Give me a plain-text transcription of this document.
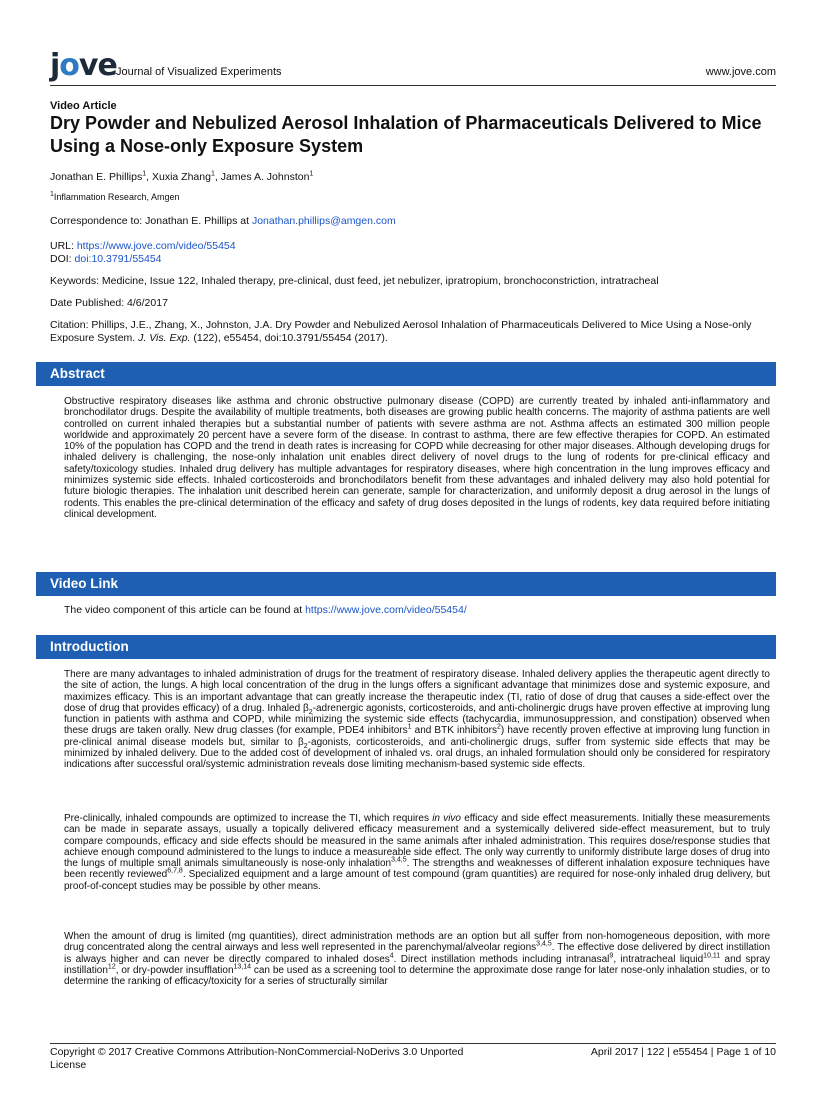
jove Journal of Visualized Experiments	www.jove.com
Video Article
Dry Powder and Nebulized Aerosol Inhalation of Pharmaceuticals Delivered to Mice Using a Nose-only Exposure System
Jonathan E. Phillips$^1$, Xuxia Zhang$^1$, James A. Johnston$^1$
$^1$Inflammation Research, Amgen
Correspondence to: Jonathan E. Phillips at Jonathan.phillips@amgen.com
URL: https://www.jove.com/video/55454
DOI: doi:10.3791/55454
Keywords: Medicine, Issue 122, Inhaled therapy, pre-clinical, dust feed, jet nebulizer, ipratropium, bronchoconstriction, intratracheal
Date Published: 4/6/2017
Citation: Phillips, J.E., Zhang, X., Johnston, J.A. Dry Powder and Nebulized Aerosol Inhalation of Pharmaceuticals Delivered to Mice Using a Nose-only Exposure System. J. Vis. Exp. (122), e55454, doi:10.3791/55454 (2017).
Abstract
Obstructive respiratory diseases like asthma and chronic obstructive pulmonary disease (COPD) are currently treated by inhaled anti-inflammatory and bronchodilator drugs. Despite the availability of multiple treatments, both diseases are growing public health concerns. The majority of asthma patients are well controlled on current inhaled therapies but a substantial number of patients with severe asthma are not. Asthma affects an estimated 300 million people worldwide and approximately 20 percent have a severe form of the disease. In contrast to asthma, there are few effective therapies for COPD. An estimated 10% of the population has COPD and the trend in death rates is increasing for COPD while decreasing for other major diseases. Although developing drugs for inhaled delivery is challenging, the nose-only inhalation unit enables direct delivery of novel drugs to the lung of rodents for pre-clinical efficacy and safety/toxicology studies. Inhaled drug delivery has multiple advantages for respiratory diseases, where high concentration in the lung improves efficacy and minimizes systemic side effects. Inhaled corticosteroids and bronchodilators benefit from these advantages and inhaled delivery may also hold potential for future biologic therapies. The inhalation unit described herein can generate, sample for characterization, and uniformly deposit a drug aerosol in the lungs of rodents. This enables the pre-clinical determination of the efficacy and safety of drug doses deposited in the lungs of rodents, key data required before initiating clinical development.
Video Link
The video component of this article can be found at https://www.jove.com/video/55454/
Introduction
There are many advantages to inhaled administration of drugs for the treatment of respiratory disease. Inhaled delivery applies the therapeutic agent directly to the site of action, the lungs. A high local concentration of the drug in the lungs offers a significant advantage that minimizes dose and systemic exposure, and maximizes efficacy. This is an important advantage that can greatly increase the therapeutic index (TI, ratio of dose of drug that causes a side-effect over the dose of drug that provides efficacy) of a drug. Inhaled $\beta_2$-adrenergic agonists, corticosteroids, and anti-cholinergic drugs have proven effective at improving lung function in patients with asthma and COPD, while minimizing the systemic side effects (tachycardia, immunosuppression, and constipation) observed when these drugs are taken orally. New drug classes (for example, PDE4 inhibitors$^1$ and BTK inhibitors$^2$) have recently proven effective at improving lung function in pre-clinical animal disease models but, similar to $\beta_2$-agonists, corticosteroids, and anti-cholinergic drugs, suffer from systemic side effects that may be minimized by inhaled delivery. Due to the added cost of development of inhaled vs. oral drugs, an inhaled formulation should only be considered for respiratory indications after successful oral/systemic administration reveals dose limiting mechanism-based systemic side effects.
Pre-clinically, inhaled compounds are optimized to increase the TI, which requires in vivo efficacy and side effect measurements. Initially these measurements can be made in separate assays, usually a topically delivered efficacy measurement and a systemically delivered side-effect measurement, but to truly compare compounds, efficacy and side effects should be measured in the same animals after inhaled administration. This requires dose/response studies that achieve enough compound administered to the lungs to induce a measureable side effect. The only way currently to uniformly distribute large doses of drug into the lungs of multiple small animals simultaneously is nose-only inhalation$^{3,4,5}$. The strengths and weaknesses of different inhalation exposure techniques have been recently reviewed$^{6,7,8}$. Specialized equipment and a large amount of test compound (gram quantities) are required for nose-only inhaled drug delivery, but proof-of-concept studies may be possible by other means.
When the amount of drug is limited (mg quantities), direct administration methods are an option but all suffer from non-homogeneous deposition, with more drug concentrated along the central airways and less well represented in the parenchymal/alveolar regions$^{3,4,5}$. The effective dose delivered by direct instillation is always higher and can never be directly compared to inhaled doses$^4$. Direct instillation methods including intranasal$^9$, intratracheal liquid$^{10,11}$ and spray instillation$^{12}$, or dry-powder insufflation$^{13,14}$ can be used as a screening tool to determine the approximate dose range for later nose-only inhalation studies, or to determine the ranking of efficacy/toxicity for a series of structurally similar
Copyright © 2017 Creative Commons Attribution-NonCommercial-NoDerivs 3.0 Unported
License
April 2017 | 122 | e55454 | Page 1 of 10
